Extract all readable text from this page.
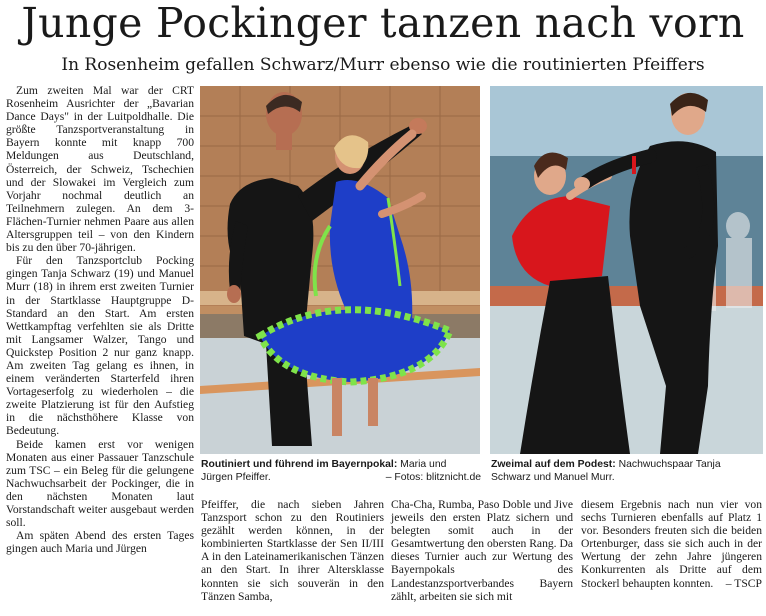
Junge Pockinger tanzen nach vorn
In Rosenheim gefallen Schwarz/Murr ebenso wie die routinierten Pfeiffers

Zum zweiten Mal war der CRT Rosenheim Ausrichter der „Bavarian Dance Days" in der Luitpoldhalle. Die größte Tanzsportveranstaltung in Bayern konnte mit knapp 700 Meldungen aus Deutschland, Österreich, der Schweiz, Tschechien und der Slowakei im Vergleich zum Vorjahr nochmal deutlich an Teilnehmern zulegen. An dem 3-Flächen-Turnier nehmen Paare aus allen Altersgruppen teil – von den Kindern bis zu den über 70-jährigen.

Für den Tanzsportclub Pocking gingen Tanja Schwarz (19) und Manuel Murr (18) in ihrem erst zweiten Turnier in der Startklasse Hauptgruppe D-Standard an den Start. Am ersten Wettkampftag verfehlten sie als Dritte mit Langsamer Walzer, Tango und Quickstep Position 2 nur ganz knapp. Am zweiten Tag gelang es ihnen, in einem veränderten Starterfeld ihren Vortageserfolg zu wiederholen – die zweite Platzierung ist für den Aufstieg in die nächsthöhere Klasse von Bedeutung.

Beide kamen erst vor wenigen Monaten aus einer Passauer Tanzschule zum TSC – ein Beleg für die gelungene Nachwuchsarbeit der Pockinger, die in den nächsten Monaten laut Vorstandschaft weiter ausgebaut werden soll.

Am späten Abend des ersten Tages gingen auch Maria und Jürgen

Routiniert und führend im Bayernpokal: Maria und Jürgen Pfeiffer.	– Fotos: blitznicht.de
Zweimal auf dem Podest: Nachwuchspaar Tanja Schwarz und Manuel Murr.

Pfeiffer, die nach sieben Jahren Tanzsport schon zu den Routiniers gezählt werden können, in der kombinierten Startklasse der Sen II/III A in den Lateinamerikanischen Tänzen an den Start. In ihrer Altersklasse konnten sie sich souverän in den Tänzen Samba,

Cha-Cha, Rumba, Paso Doble und Jive jeweils den ersten Platz sichern und belegten somit auch in der Gesamtwertung den obersten Rang. Da dieses Turnier auch zur Wertung des Bayernpokals des Landestanzsportverbandes Bayern zählt, arbeiten sie sich mit

diesem Ergebnis nach nun vier von sechs Turnieren ebenfalls auf Platz 1 vor. Besonders freuten sich die beiden Ortenburger, dass sie sich auch in der Wertung der zehn Jahre jüngeren Konkurrenten als Dritte auf dem Stockerl behaupten konnten. – TSCP
